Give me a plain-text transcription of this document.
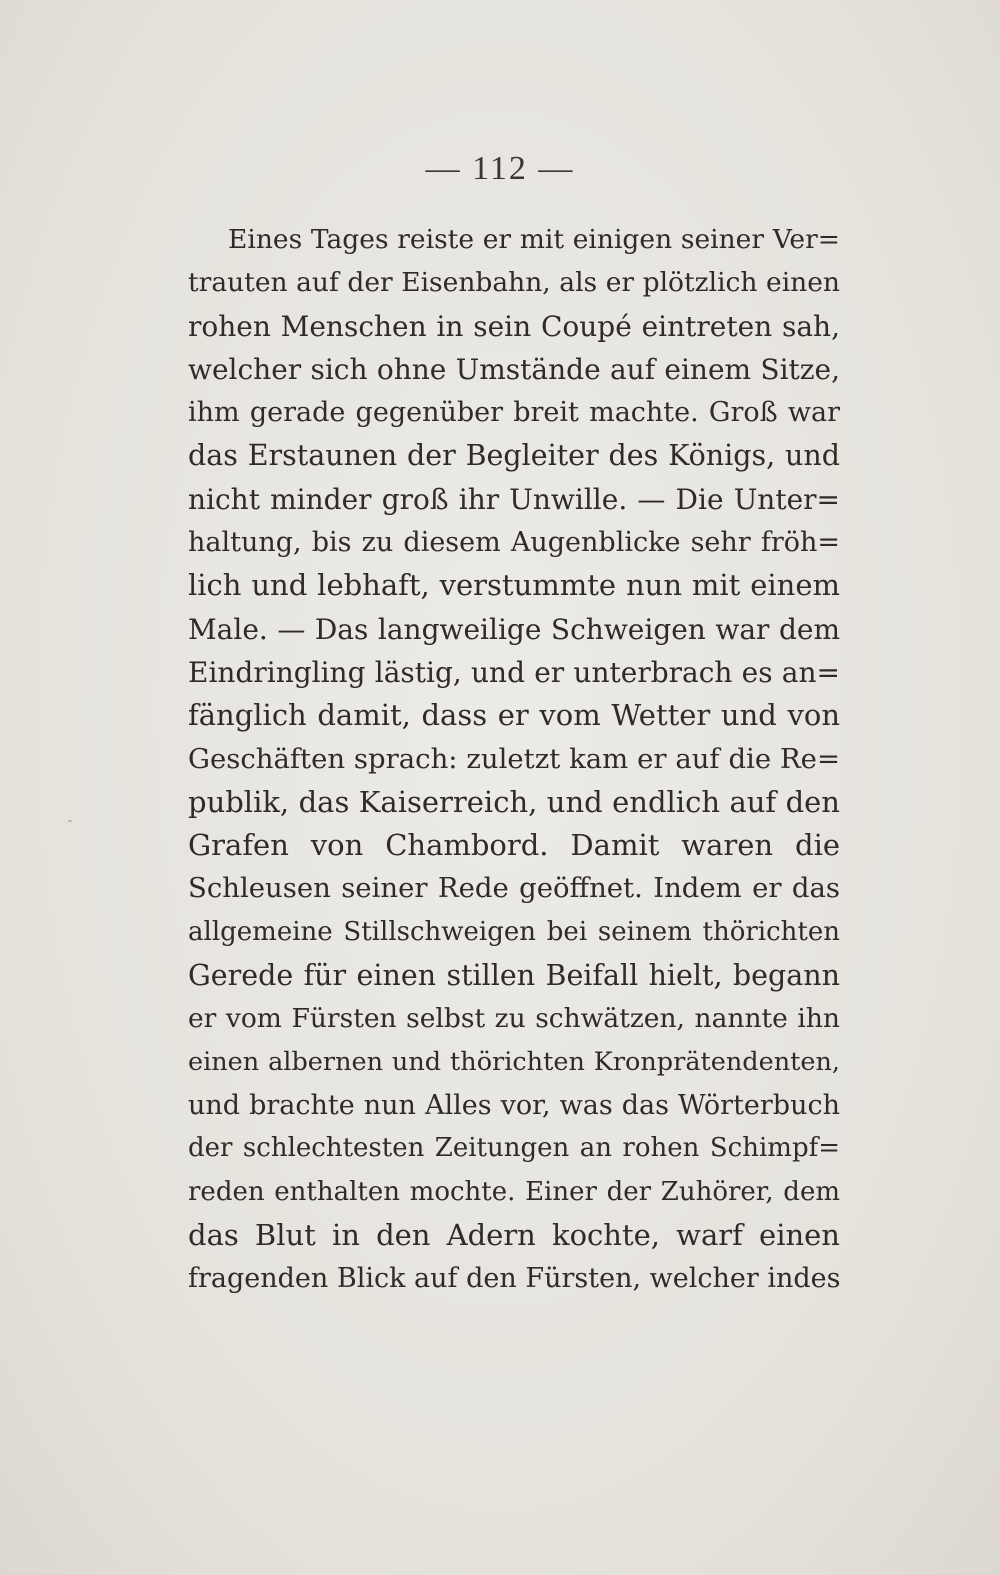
— 112 —
Eines Tages reiste er mit einigen seiner Ver=
trauten auf der Eisenbahn, als er plötzlich einen
rohen Menschen in sein Coupé eintreten sah,
welcher sich ohne Umstände auf einem Sitze,
ihm gerade gegenüber breit machte. Groß war
das Erstaunen der Begleiter des Königs, und
nicht minder groß ihr Unwille. — Die Unter=
haltung, bis zu diesem Augenblicke sehr fröh=
lich und lebhaft, verstummte nun mit einem
Male. — Das langweilige Schweigen war dem
Eindringling lästig, und er unterbrach es an=
fänglich damit, dass er vom Wetter und von
Geschäften sprach: zuletzt kam er auf die Re=
publik, das Kaiserreich, und endlich auf den
Grafen von Chambord. Damit waren die
Schleusen seiner Rede geöffnet. Indem er das
allgemeine Stillschweigen bei seinem thörichten
Gerede für einen stillen Beifall hielt, begann
er vom Fürsten selbst zu schwätzen, nannte ihn
einen albernen und thörichten Kronprätendenten,
und brachte nun Alles vor, was das Wörterbuch
der schlechtesten Zeitungen an rohen Schimpf=
reden enthalten mochte. Einer der Zuhörer, dem
das Blut in den Adern kochte, warf einen
fragenden Blick auf den Fürsten, welcher indes
